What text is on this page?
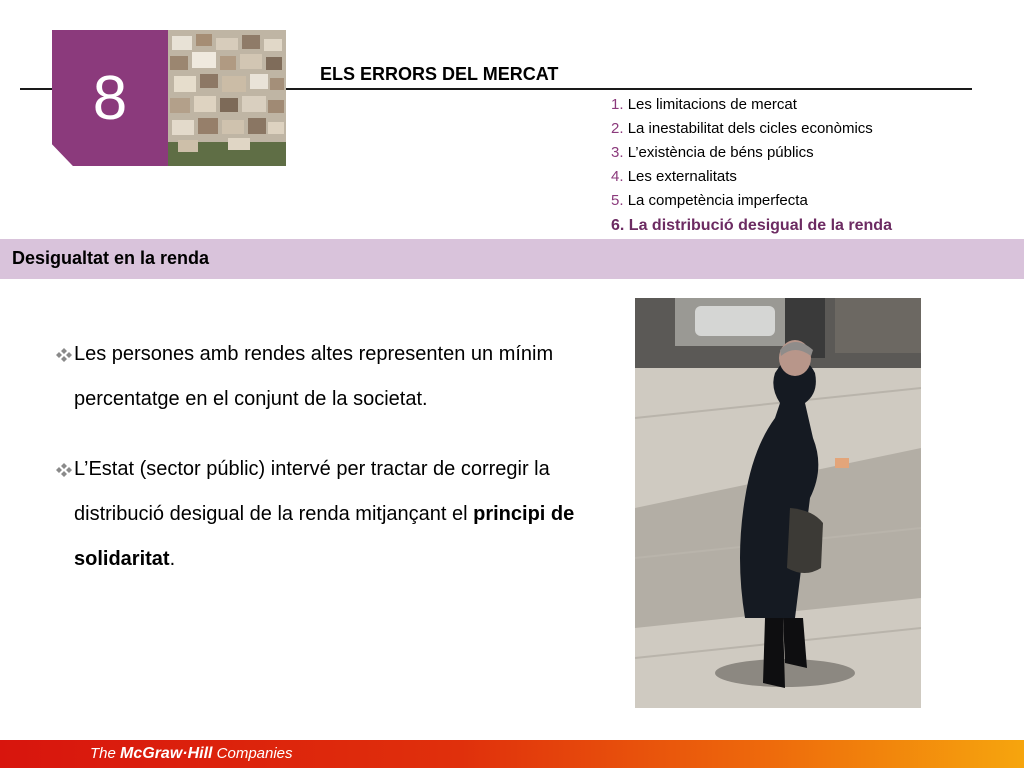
8	ELS ERRORS DEL MERCAT
1. Les limitacions de mercat
2. La inestabilitat dels cicles econòmics
3. L’existència de béns públics
4. Les externalitats
5. La competència imperfecta
6. La distribució desigual de la renda
Desigualtat en la renda
Les persones amb rendes altes representen un mínim percentatge en el conjunt de la societat.
L’Estat (sector públic) intervé per tractar de corregir la distribució desigual de la renda mitjançant el principi de solidaritat.
The McGraw·Hill Companies
